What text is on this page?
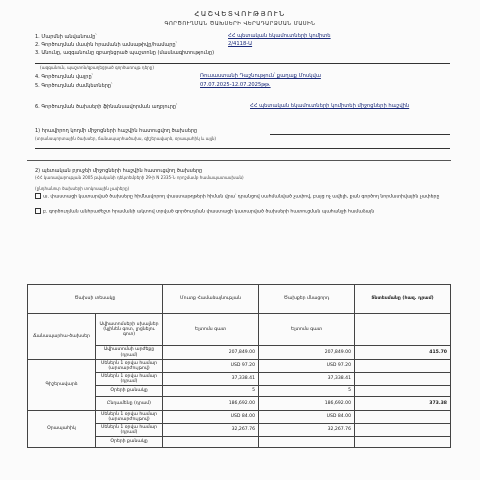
ՀԱՇՎԵՏՎՈՒԹՅՈՒՆ
ԳՈՐԾՈՒՂՄԱՆ ԾԱԽՍԵՐԻ ՎԵՐԱԴԱՐՁՄԱՆ ՄԱՍԻՆ
1. Մարմնի անվանումը՝	ՀՀ պետական եկամուտների կոմիտե
2. Գործուղման մասին հրամանի ամսաթիվը/համարը՝	2/4118-Ա
3. Անունը, ազգանունը զբաղեցրած պաշտոնը (մասնագիտությունը)
(ազգանուն, պաշտոն/զբաղեցրած գործառույթ դերը)
4. Գործուղման վայրը՝	Ռուսաստանի Դաշնություն՝ քաղաք Մոսկվա
5. Գործուղման ժամկետները՝	07.07.2025-12.07.2025թթ.
6. Գործուղման ծախսերի ֆինանսավորման աղբյուրը՝	ՀՀ պետական եկամուտների կոմիտեի միջոցների հաշվին
1) հրավիրող կողմի միջոցների հաշվին հատուցվող ծախսերը
(տրանսպորտային ծախսեր, ճանապարհածախս, գիշերավարձ, օրապահիկ և այլն)
2) պետական բյուջեի միջոցների հաշվին հատուցվող ծախսերը
(ՀՀ կառավարության 2005 թվականի դեկտեմբերի 29-ի N 2335-Ն որոշմամբ համապատասխան)
(ընդհանուր ծախսերի տոկոսային չափերը)
ա. փաստացի կատարված ծախսերը հիմնավորող փաստաթղթերի հիման վրա՝ դրանցով սահմանված չափով, բայց ոչ ավելի, քան գործող նորմատիվային չափերը
բ. գործուղման անհրաժեշտ հրամանի ակտով տրված գործուղման փաստացի կատարված ծախսերի հատուցման պահանջի համաձայն
Ծախսի տեսակը		Մուտք Համաձայնության	Ծախքեր մնացորդ	Տնտեսմանը (հազ. դրամ)
Ճանապարհա-ծախսեր	Ավիատոմսերի սխալներ (կլինեն գոտ, լրցնելու գոտ)	Ելտոմս գատ	Ելտոմս գատ	
	Ավիատոմսի արժեքը (դրամ)	207,849.00	207,849.00	415.70
Գիշերավարձ	Սեներն 1 օրվա համար (արտարժույթով)	USD 97.20	USD 97.20	
	Սեներն 1 օրվա համար (դրամ)	37,338.41	37,338.41	
	Օրերի քանակը	5	5	
	Ընդամենը (դրամ)	186,692.00	186,692.00	373.38
Օրապահիկ	Սեներն 1 օրվա համար (արտարժույթով)	USD 84.00	USD 84.00	
	Սեներն 1 օրվա համար (դրամ)	32,267.76	32,267.76	
	Օրերի քանակը			
